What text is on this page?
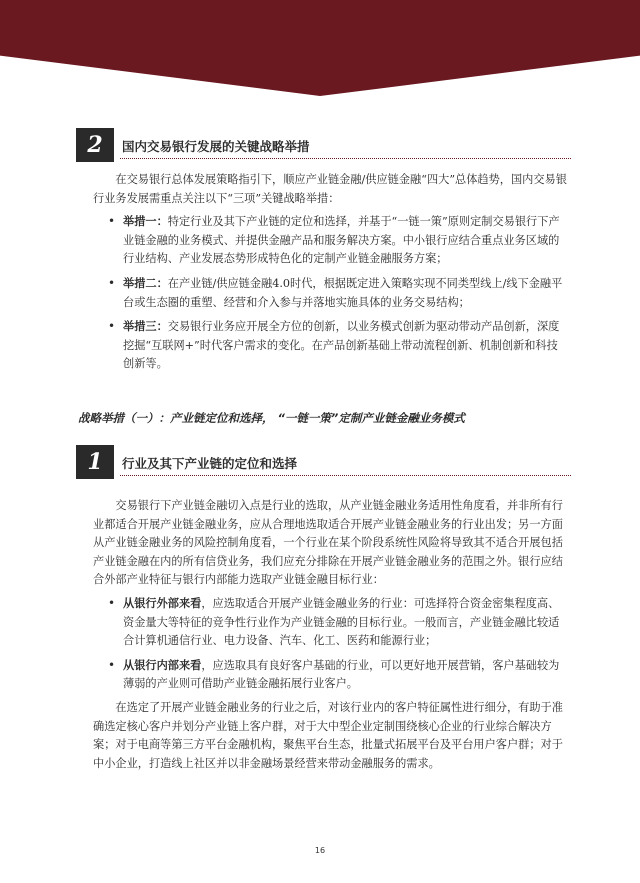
2	国内交易银行发展的关键战略举措

在交易银行总体发展策略指引下，顺应产业链金融/供应链金融“四大”总体趋势，国内交易银行业务发展需重点关注以下“三项”关键战略举措：

• 举措一：特定行业及其下产业链的定位和选择，并基于“一链一策”原则定制交易银行下产业链金融的业务模式、并提供金融产品和服务解决方案。中小银行应结合重点业务区域的行业结构、产业发展态势形成特色化的定制产业链金融服务方案；
• 举措二：在产业链/供应链金融4.0时代，根据既定进入策略实现不同类型线上/线下金融平台或生态圈的重塑、经营和介入参与并落地实施具体的业务交易结构；
• 举措三：交易银行业务应开展全方位的创新，以业务模式创新为驱动带动产品创新，深度挖掘“互联网+”时代客户需求的变化。在产品创新基础上带动流程创新、机制创新和科技创新等。
战略举措（一）：产业链定位和选择， “一链一策”定制产业链金融业务模式
1	行业及其下产业链的定位和选择

交易银行下产业链金融切入点是行业的选取，从产业链金融业务适用性角度看，并非所有行业都适合开展产业链金融业务，应从合理地选取适合开展产业链金融业务的行业出发；另一方面从产业链金融业务的风险控制角度看，一个行业在某个阶段系统性风险将导致其不适合开展包括产业链金融在内的所有信贷业务，我们应充分排除在开展产业链金融业务的范围之外。银行应结合外部产业特征与银行内部能力选取产业链金融目标行业：

• 从银行外部来看，应选取适合开展产业链金融业务的行业：可选择符合资金密集程度高、资金量大等特征的竞争性行业作为产业链金融的目标行业。一般而言，产业链金融比较适合计算机通信行业、电力设备、汽车、化工、医药和能源行业；
• 从银行内部来看，应选取具有良好客户基础的行业，可以更好地开展营销，客户基础较为薄弱的产业则可借助产业链金融拓展行业客户。

在选定了开展产业链金融业务的行业之后，对该行业内的客户特征属性进行细分，有助于准确选定核心客户并划分产业链上客户群，对于大中型企业定制围绕核心企业的行业综合解决方案；对于电商等第三方平台金融机构，聚焦平台生态，批量式拓展平台及平台用户客户群；对于中小企业，打造线上社区并以非金融场景经营来带动金融服务的需求。

16
